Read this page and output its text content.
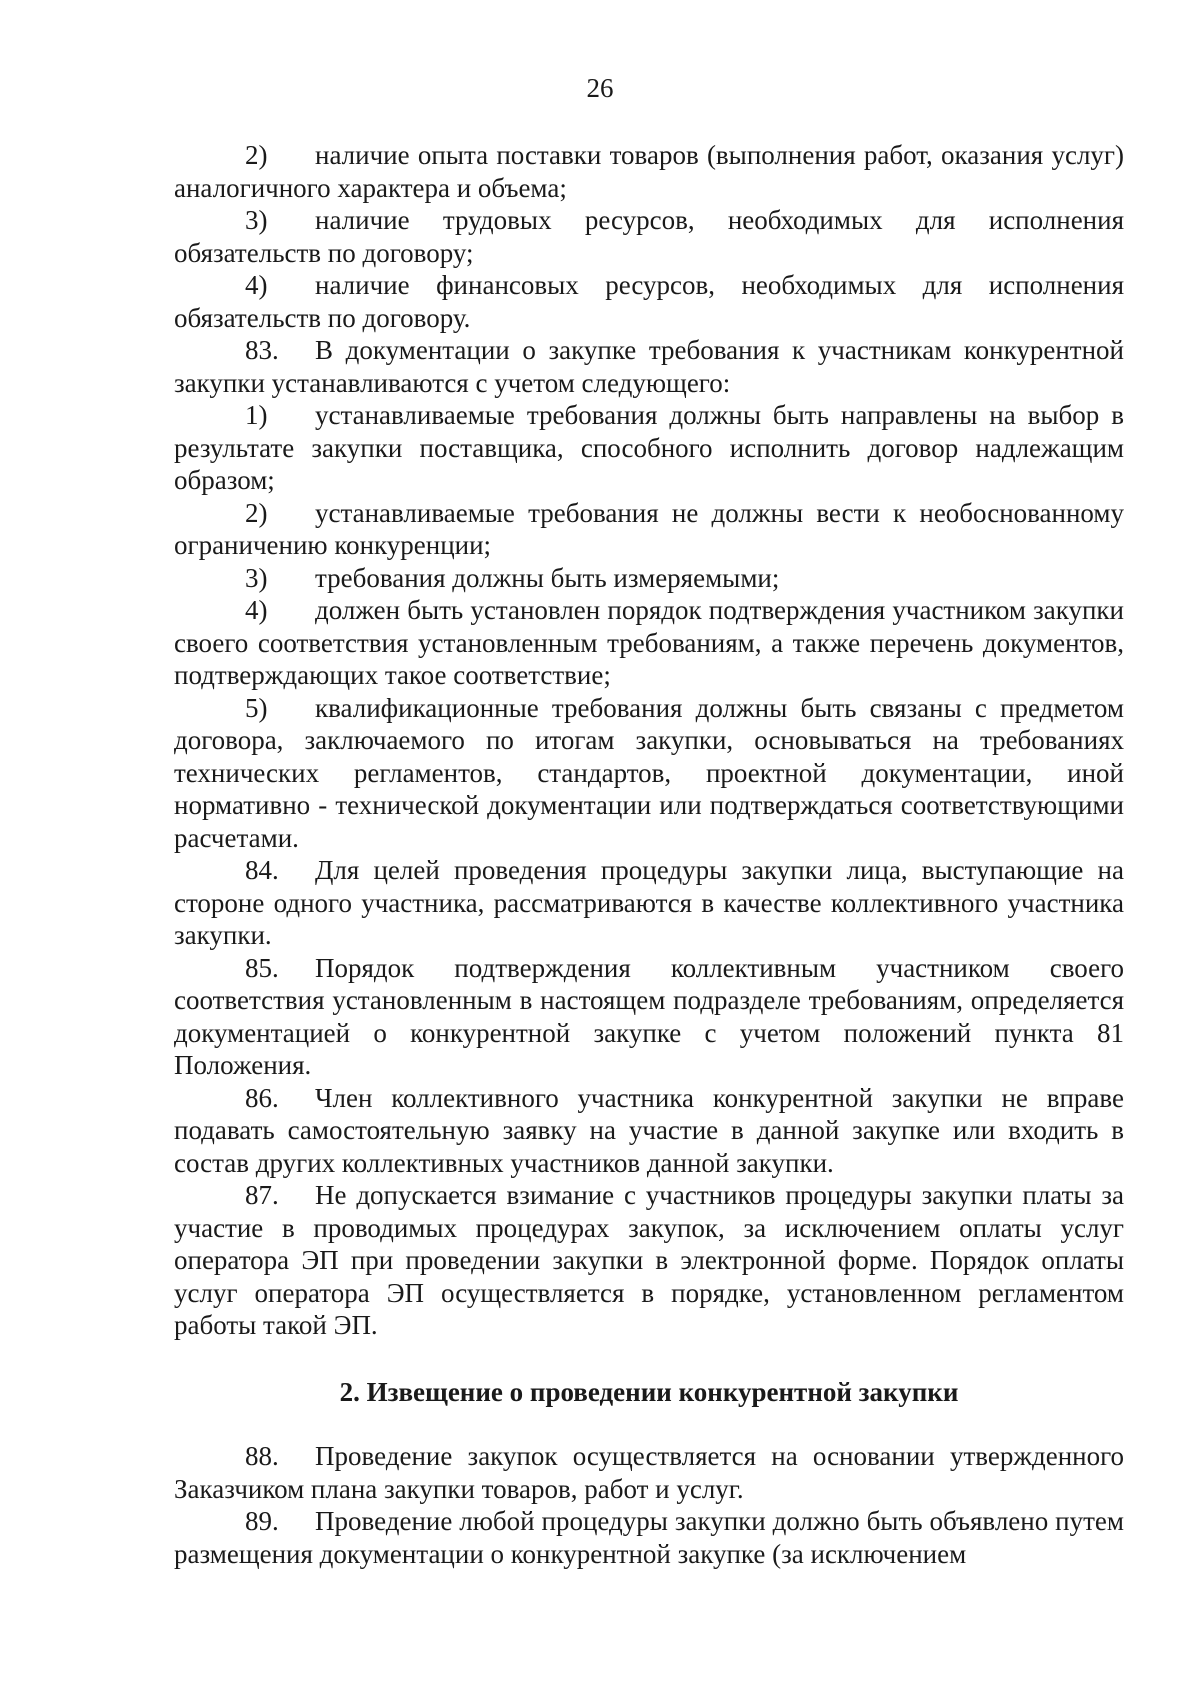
26

2) наличие опыта поставки товаров (выполнения работ, оказания услуг) аналогичного характера и объема;

3) наличие трудовых ресурсов, необходимых для исполнения обязательств по договору;

4) наличие финансовых ресурсов, необходимых для исполнения обязательств по договору.

83. В документации о закупке требования к участникам конкурентной закупки устанавливаются с учетом следующего:

1) устанавливаемые требования должны быть направлены на выбор в результате закупки поставщика, способного исполнить договор надлежащим образом;

2) устанавливаемые требования не должны вести к необоснованному ограничению конкуренции;

3) требования должны быть измеряемыми;

4) должен быть установлен порядок подтверждения участником закупки своего соответствия установленным требованиям, а также перечень документов, подтверждающих такое соответствие;

5) квалификационные требования должны быть связаны с предметом договора, заключаемого по итогам закупки, основываться на требованиях технических регламентов, стандартов, проектной документации, иной нормативно - технической документации или подтверждаться соответствующими расчетами.

84. Для целей проведения процедуры закупки лица, выступающие на стороне одного участника, рассматриваются в качестве коллективного участника закупки.

85. Порядок подтверждения коллективным участником своего соответствия установленным в настоящем подразделе требованиям, определяется документацией о конкурентной закупке с учетом положений пункта 81 Положения.

86. Член коллективного участника конкурентной закупки не вправе подавать самостоятельную заявку на участие в данной закупке или входить в состав других коллективных участников данной закупки.

87. Не допускается взимание с участников процедуры закупки платы за участие в проводимых процедурах закупок, за исключением оплаты услуг оператора ЭП при проведении закупки в электронной форме. Порядок оплаты услуг оператора ЭП осуществляется в порядке, установленном регламентом работы такой ЭП.

2. Извещение о проведении конкурентной закупки

88. Проведение закупок осуществляется на основании утвержденного Заказчиком плана закупки товаров, работ и услуг.

89. Проведение любой процедуры закупки должно быть объявлено путем размещения документации о конкурентной закупке (за исключением
